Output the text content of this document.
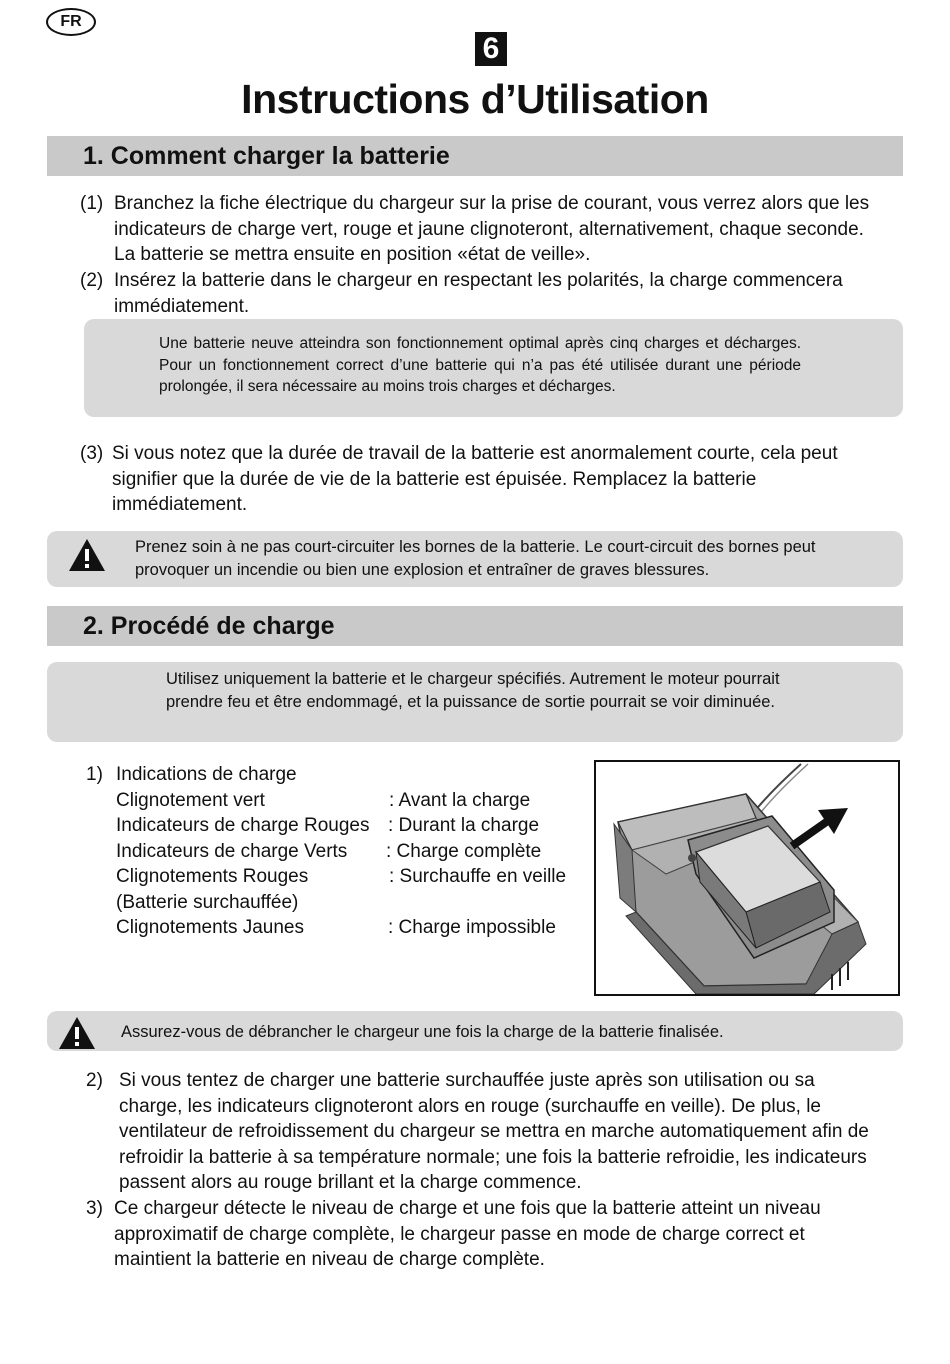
FR
6
Instructions d’Utilisation
1. Comment charger la batterie
(1) Branchez la fiche électrique du chargeur sur la prise de courant, vous verrez alors que les indicateurs de charge vert, rouge et jaune clignoteront, alternativement, chaque seconde. La batterie se mettra ensuite en position «état de veille».
(2) Insérez la batterie dans le chargeur en respectant les polarités, la charge commencera immédiatement.
Une batterie neuve atteindra son fonctionnement optimal après cinq charges et décharges. Pour un fonctionnement correct d’une batterie qui n’a pas été utilisée durant une période prolongée, il sera nécessaire au moins trois charges et décharges.
(3) Si vous notez que la durée de travail de la batterie est anormalement courte, cela peut signifier que la durée de vie de la batterie est épuisée. Remplacez la batterie immédiatement.
Prenez soin à ne pas court-circuiter les bornes de la batterie. Le court-circuit des bornes peut provoquer un incendie ou bien une explosion et entraîner de graves blessures.
2. Procédé de charge
Utilisez uniquement la batterie et le chargeur spécifiés. Autrement le moteur pourrait prendre feu et être endommagé, et la puissance de sortie pourrait se voir diminuée.
1) Indications de charge
Clignotement vert	: Avant la charge
Indicateurs de charge Rouges : Durant la charge
Indicateurs de charge Verts : Charge complète
Clignotements Rouges	: Surchauffe en veille
(Batterie surchauffée)
Clignotements Jaunes	: Charge impossible
Assurez-vous de débrancher le chargeur une fois la charge de la batterie finalisée.
2) Si vous tentez de charger une batterie surchauffée juste après son utilisation ou sa charge, les indicateurs clignoteront alors en rouge (surchauffe en veille). De plus, le ventilateur de refroidissement du chargeur se mettra en marche automatiquement afin de refroidir la batterie à sa température normale; une fois la batterie refroidie, les indicateurs passent alors au rouge brillant et la charge commence.
3) Ce chargeur détecte le niveau de charge et une fois que la batterie atteint un niveau approximatif de charge complète, le chargeur passe en mode de charge correct et maintient la batterie en niveau de charge complète.
